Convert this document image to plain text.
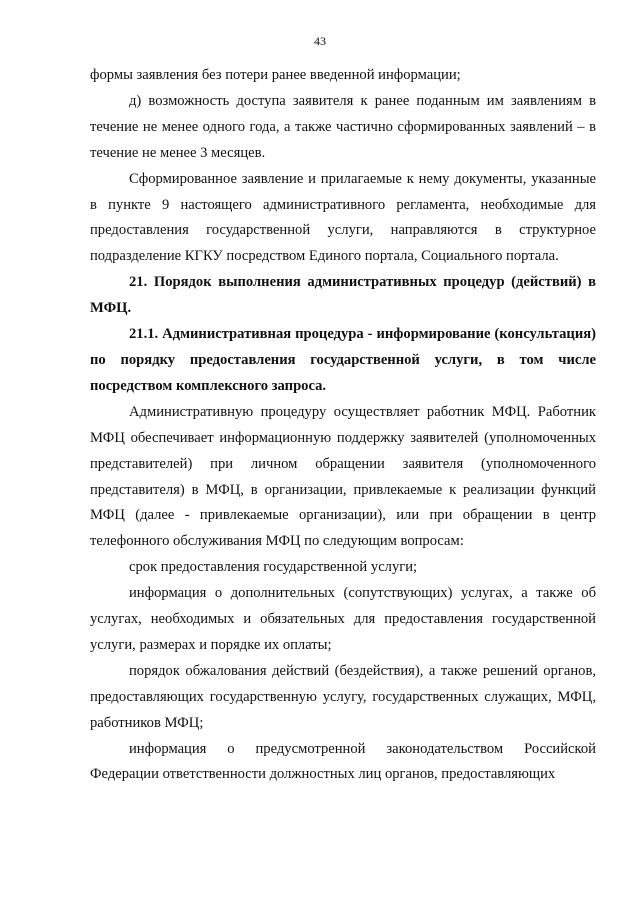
43

формы заявления без потери ранее введенной информации;

д) возможность доступа заявителя к ранее поданным им заявлениям в течение не менее одного года, а также частично сформированных заявлений – в течение не менее 3 месяцев.

Сформированное заявление и прилагаемые к нему документы, указанные в пункте 9 настоящего административного регламента, необходимые для предоставления государственной услуги, направляются в структурное подразделение КГКУ посредством Единого портала, Социального портала.

21. Порядок выполнения административных процедур (действий) в МФЦ.

21.1. Административная процедура - информирование (консультация) по порядку предоставления государственной услуги, в том числе посредством комплексного запроса.

Административную процедуру осуществляет работник МФЦ. Работник МФЦ обеспечивает информационную поддержку заявителей (уполномоченных представителей) при личном обращении заявителя (уполномоченного представителя) в МФЦ, в организации, привлекаемые к реализации функций МФЦ (далее - привлекаемые организации), или при обращении в центр телефонного обслуживания МФЦ по следующим вопросам:

срок предоставления государственной услуги;

информация о дополнительных (сопутствующих) услугах, а также об услугах, необходимых и обязательных для предоставления государственной услуги, размерах и порядке их оплаты;

порядок обжалования действий (бездействия), а также решений органов, предоставляющих государственную услугу, государственных служащих, МФЦ, работников МФЦ;

информация о предусмотренной законодательством Российской Федерации ответственности должностных лиц органов, предоставляющих
